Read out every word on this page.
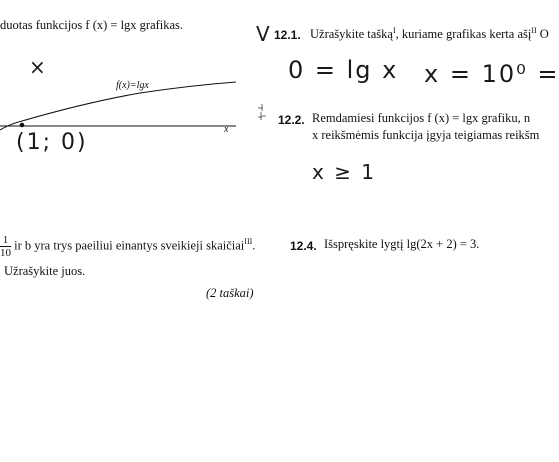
×
duotas funkcijos f (x) = lgx grafikas.
f(x)=lgx
x
(1; 0)
V 12.1. Užrašykite tašką$^I$, kuriame grafikas kerta ašį$^{II}$ O
0 = lg x x = 10⁰ =
12.2. Remdamiesi funkcijos f (x) = lgx grafiku, n
x reikšmėmis funkcija įgyja teigiamas reikšm
x ≥ 1
$\frac{1}{10}$ ir b yra trys paeiliui einantys sveikieji skaičiai$^{III}$.
Užrašykite juos.
(2 taškai)
12.4. Išspręskite lygtį lg(2x + 2) = 3.
